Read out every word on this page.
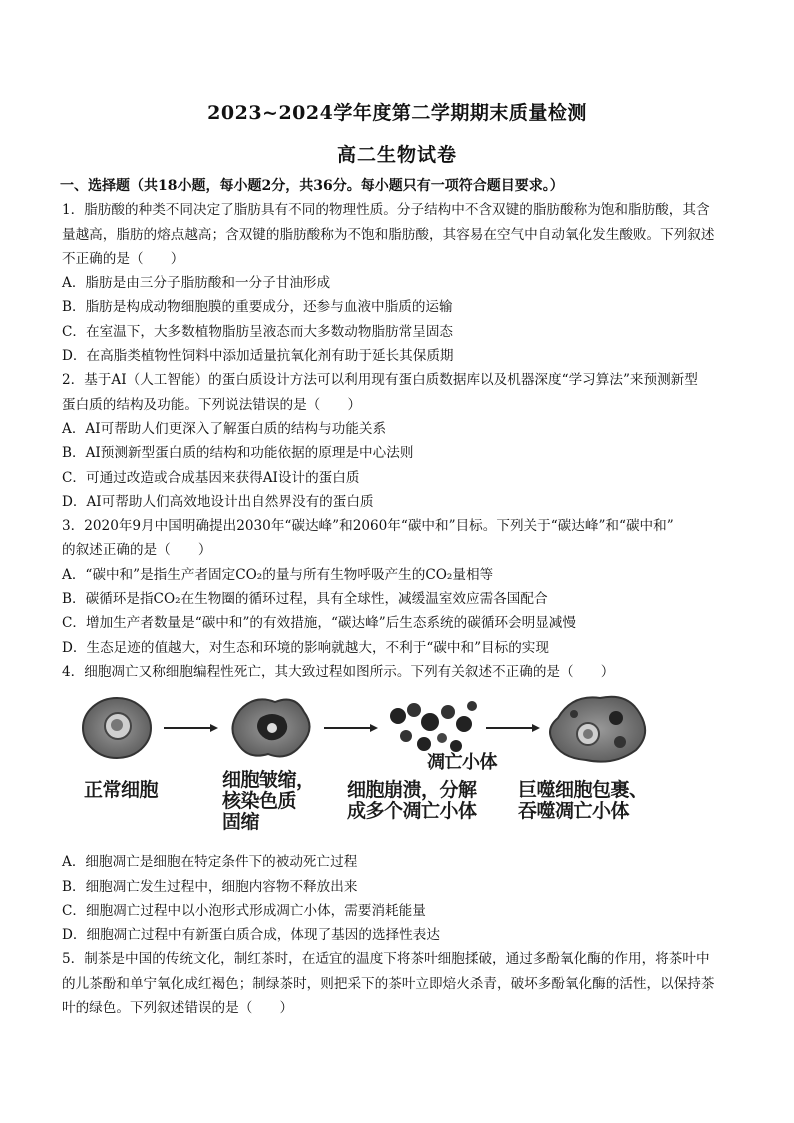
2023~2024学年度第二学期期末质量检测
高二生物试卷

一、选择题（共18小题，每小题2分，共36分。每小题只有一项符合题目要求。）

1．脂肪酸的种类不同决定了脂肪具有不同的物理性质。分子结构中不含双键的脂肪酸称为饱和脂肪酸，其含

量越高，脂肪的熔点越高；含双键的脂肪酸称为不饱和脂肪酸，其容易在空气中自动氧化发生酸败。下列叙述

不正确的是（　　）

A．脂肪是由三分子脂肪酸和一分子甘油形成

B．脂肪是构成动物细胞膜的重要成分，还参与血液中脂质的运输

C．在室温下，大多数植物脂肪呈液态而大多数动物脂肪常呈固态

D．在高脂类植物性饲料中添加适量抗氧化剂有助于延长其保质期

2．基于AI（人工智能）的蛋白质设计方法可以利用现有蛋白质数据库以及机器深度“学习算法”来预测新型

蛋白质的结构及功能。下列说法错误的是（　　）

A．AI可帮助人们更深入了解蛋白质的结构与功能关系

B．AI预测新型蛋白质的结构和功能依据的原理是中心法则

C．可通过改造或合成基因来获得AI设计的蛋白质

D．AI可帮助人们高效地设计出自然界没有的蛋白质

3．2020年9月中国明确提出2030年“碳达峰”和2060年“碳中和”目标。下列关于“碳达峰”和“碳中和”

的叙述正确的是（　　）

A．“碳中和”是指生产者固定CO₂的量与所有生物呼吸产生的CO₂量相等

B．碳循环是指CO₂在生物圈的循环过程，具有全球性，减缓温室效应需各国配合

C．增加生产者数量是“碳中和”的有效措施，“碳达峰”后生态系统的碳循环会明显减慢

D．生态足迹的值越大，对生态和环境的影响就越大，不利于“碳中和”目标的实现

4．细胞凋亡又称细胞编程性死亡，其大致过程如图所示。下列有关叙述不正确的是（　　）

正常细胞	细胞皱缩，
核染色质
固缩
凋亡小体
细胞崩溃，分解
成多个凋亡小体
巨噬细胞包裹、
吞噬凋亡小体

A．细胞凋亡是细胞在特定条件下的被动死亡过程

B．细胞凋亡发生过程中，细胞内容物不释放出来

C．细胞凋亡过程中以小泡形式形成凋亡小体，需要消耗能量

D．细胞凋亡过程中有新蛋白质合成，体现了基因的选择性表达

5．制茶是中国的传统文化，制红茶时，在适宜的温度下将茶叶细胞揉破，通过多酚氧化酶的作用，将茶叶中

的儿茶酚和单宁氧化成红褐色；制绿茶时，则把采下的茶叶立即焙火杀青，破坏多酚氧化酶的活性，以保持茶

叶的绿色。下列叙述错误的是（　　）
